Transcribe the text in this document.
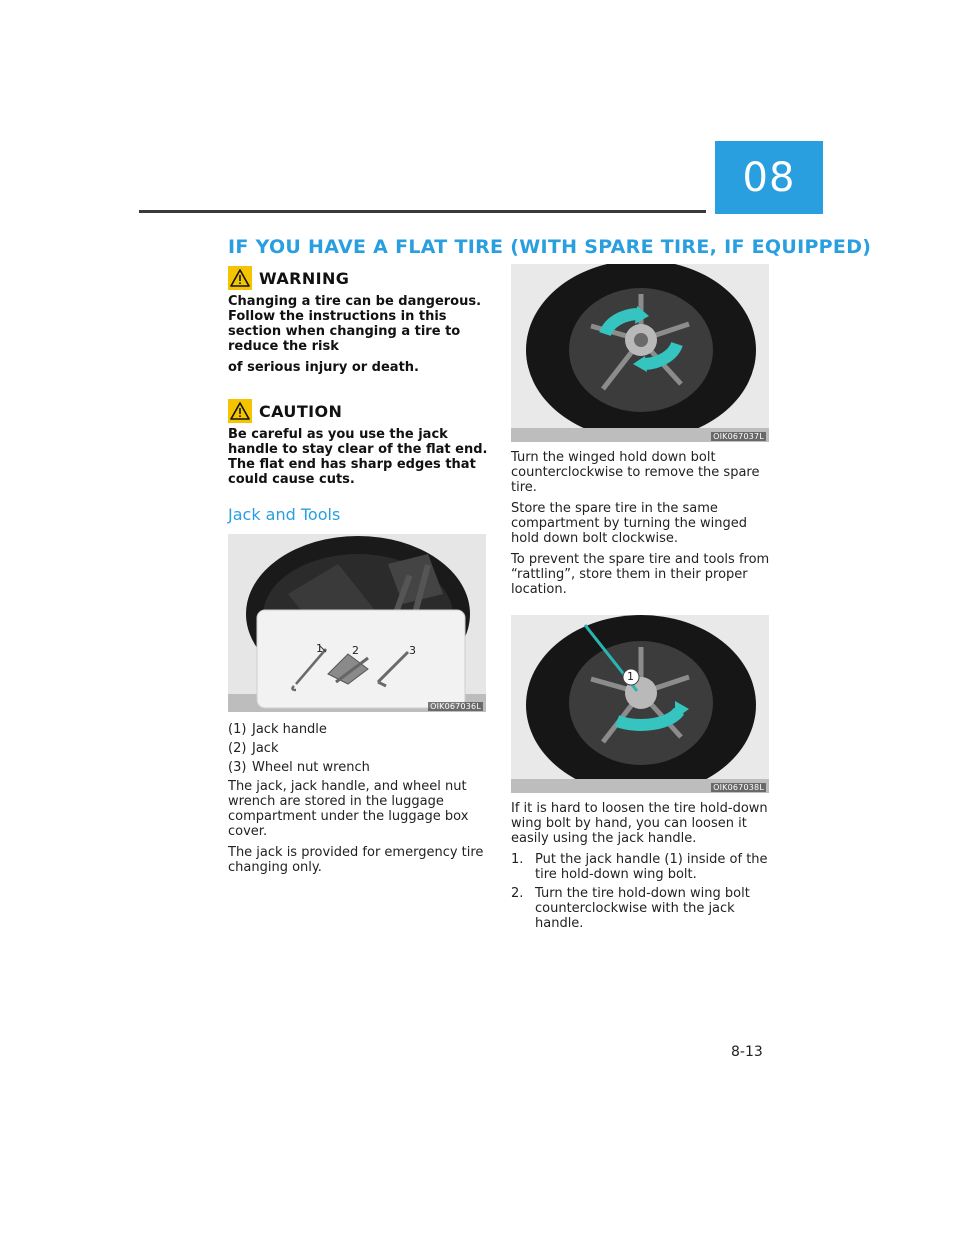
08
IF YOU HAVE A FLAT TIRE (WITH SPARE TIRE, IF EQUIPPED)
WARNING

Changing a tire can be dangerous. Follow the instructions in this section when changing a tire to reduce the risk

of serious injury or death.

CAUTION

Be careful as you use the jack handle to stay clear of the flat end. The flat end has sharp edges that could cause cuts.

Jack and Tools
1	2	3
OIK067036L
(1) Jack handle
(2) Jack
(3) Wheel nut wrench

The jack, jack handle, and wheel nut wrench are stored in the luggage compartment under the luggage box cover.

The jack is provided for emergency tire changing only.

OIK067037L

Turn the winged hold down bolt counterclockwise to remove the spare tire.

Store the spare tire in the same compartment by turning the winged hold down bolt clockwise.

To prevent the spare tire and tools from “rattling”, store them in their proper location.

1
OIK067038L

If it is hard to loosen the tire hold-down wing bolt by hand, you can loosen it easily using the jack handle.

1. Put the jack handle (1) inside of the tire hold-down wing bolt.
2. Turn the tire hold-down wing bolt counterclockwise with the jack handle.
8-13
